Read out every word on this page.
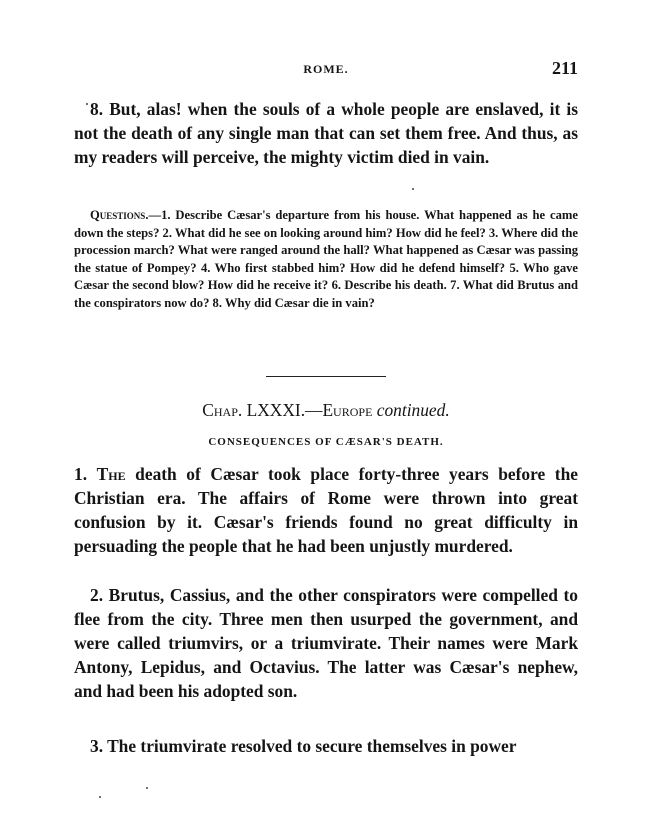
ROME.	211

8. But, alas! when the souls of a whole people are enslaved, it is not the death of any single man that can set them free. And thus, as my readers will perceive, the mighty victim died in vain.

Questions.—1. Describe Cæsar's departure from his house. What happened as he came down the steps? 2. What did he see on looking around him? How did he feel? 3. Where did the procession march? What were ranged around the hall? What happened as Cæsar was passing the statue of Pompey? 4. Who first stabbed him? How did he defend himself? 5. Who gave Cæsar the second blow? How did he receive it? 6. Describe his death. 7. What did Brutus and the conspirators now do? 8. Why did Cæsar die in vain?

Chap. LXXXI.—Europe continued.
CONSEQUENCES OF CÆSAR'S DEATH.

1. The death of Cæsar took place forty-three years before the Christian era. The affairs of Rome were thrown into great confusion by it. Cæsar's friends found no great difficulty in persuading the people that he had been unjustly murdered.

2. Brutus, Cassius, and the other conspirators were compelled to flee from the city. Three men then usurped the government, and were called triumvirs, or a triumvirate. Their names were Mark Antony, Lepidus, and Octavius. The latter was Cæsar's nephew, and had been his adopted son.

3. The triumvirate resolved to secure themselves in power
